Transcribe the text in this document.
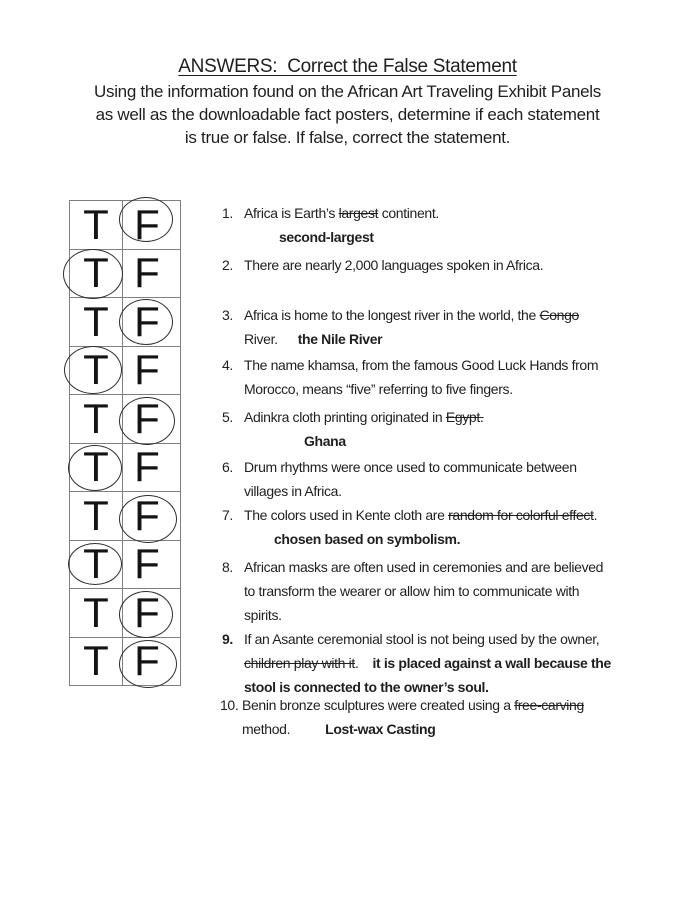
ANSWERS:  Correct the False Statement
Using the information found on the African Art Traveling Exhibit Panels
as well as the downloadable fact posters, determine if each statement
is true or false. If false, correct the statement.
T F
T F
T F
T F
T F
T F
T F
T F
T F
T F
1. Africa is Earth’s largest continent.
second-largest
2. There are nearly 2,000 languages spoken in Africa.
3. Africa is home to the longest river in the world, the Congo
River. the Nile River
4. The name khamsa, from the famous Good Luck Hands from
Morocco, means “five” referring to five fingers.
5. Adinkra cloth printing originated in Egypt.
Ghana
6. Drum rhythms were once used to communicate between
villages in Africa.
7. The colors used in Kente cloth are random for colorful effect.
chosen based on symbolism.
8. African masks are often used in ceremonies and are believed
to transform the wearer or allow him to communicate with
spirits.
9. If an Asante ceremonial stool is not being used by the owner,
children play with it. it is placed against a wall because the
stool is connected to the owner’s soul.
10. Benin bronze sculptures were created using a free-carving
method.	Lost-wax Casting
